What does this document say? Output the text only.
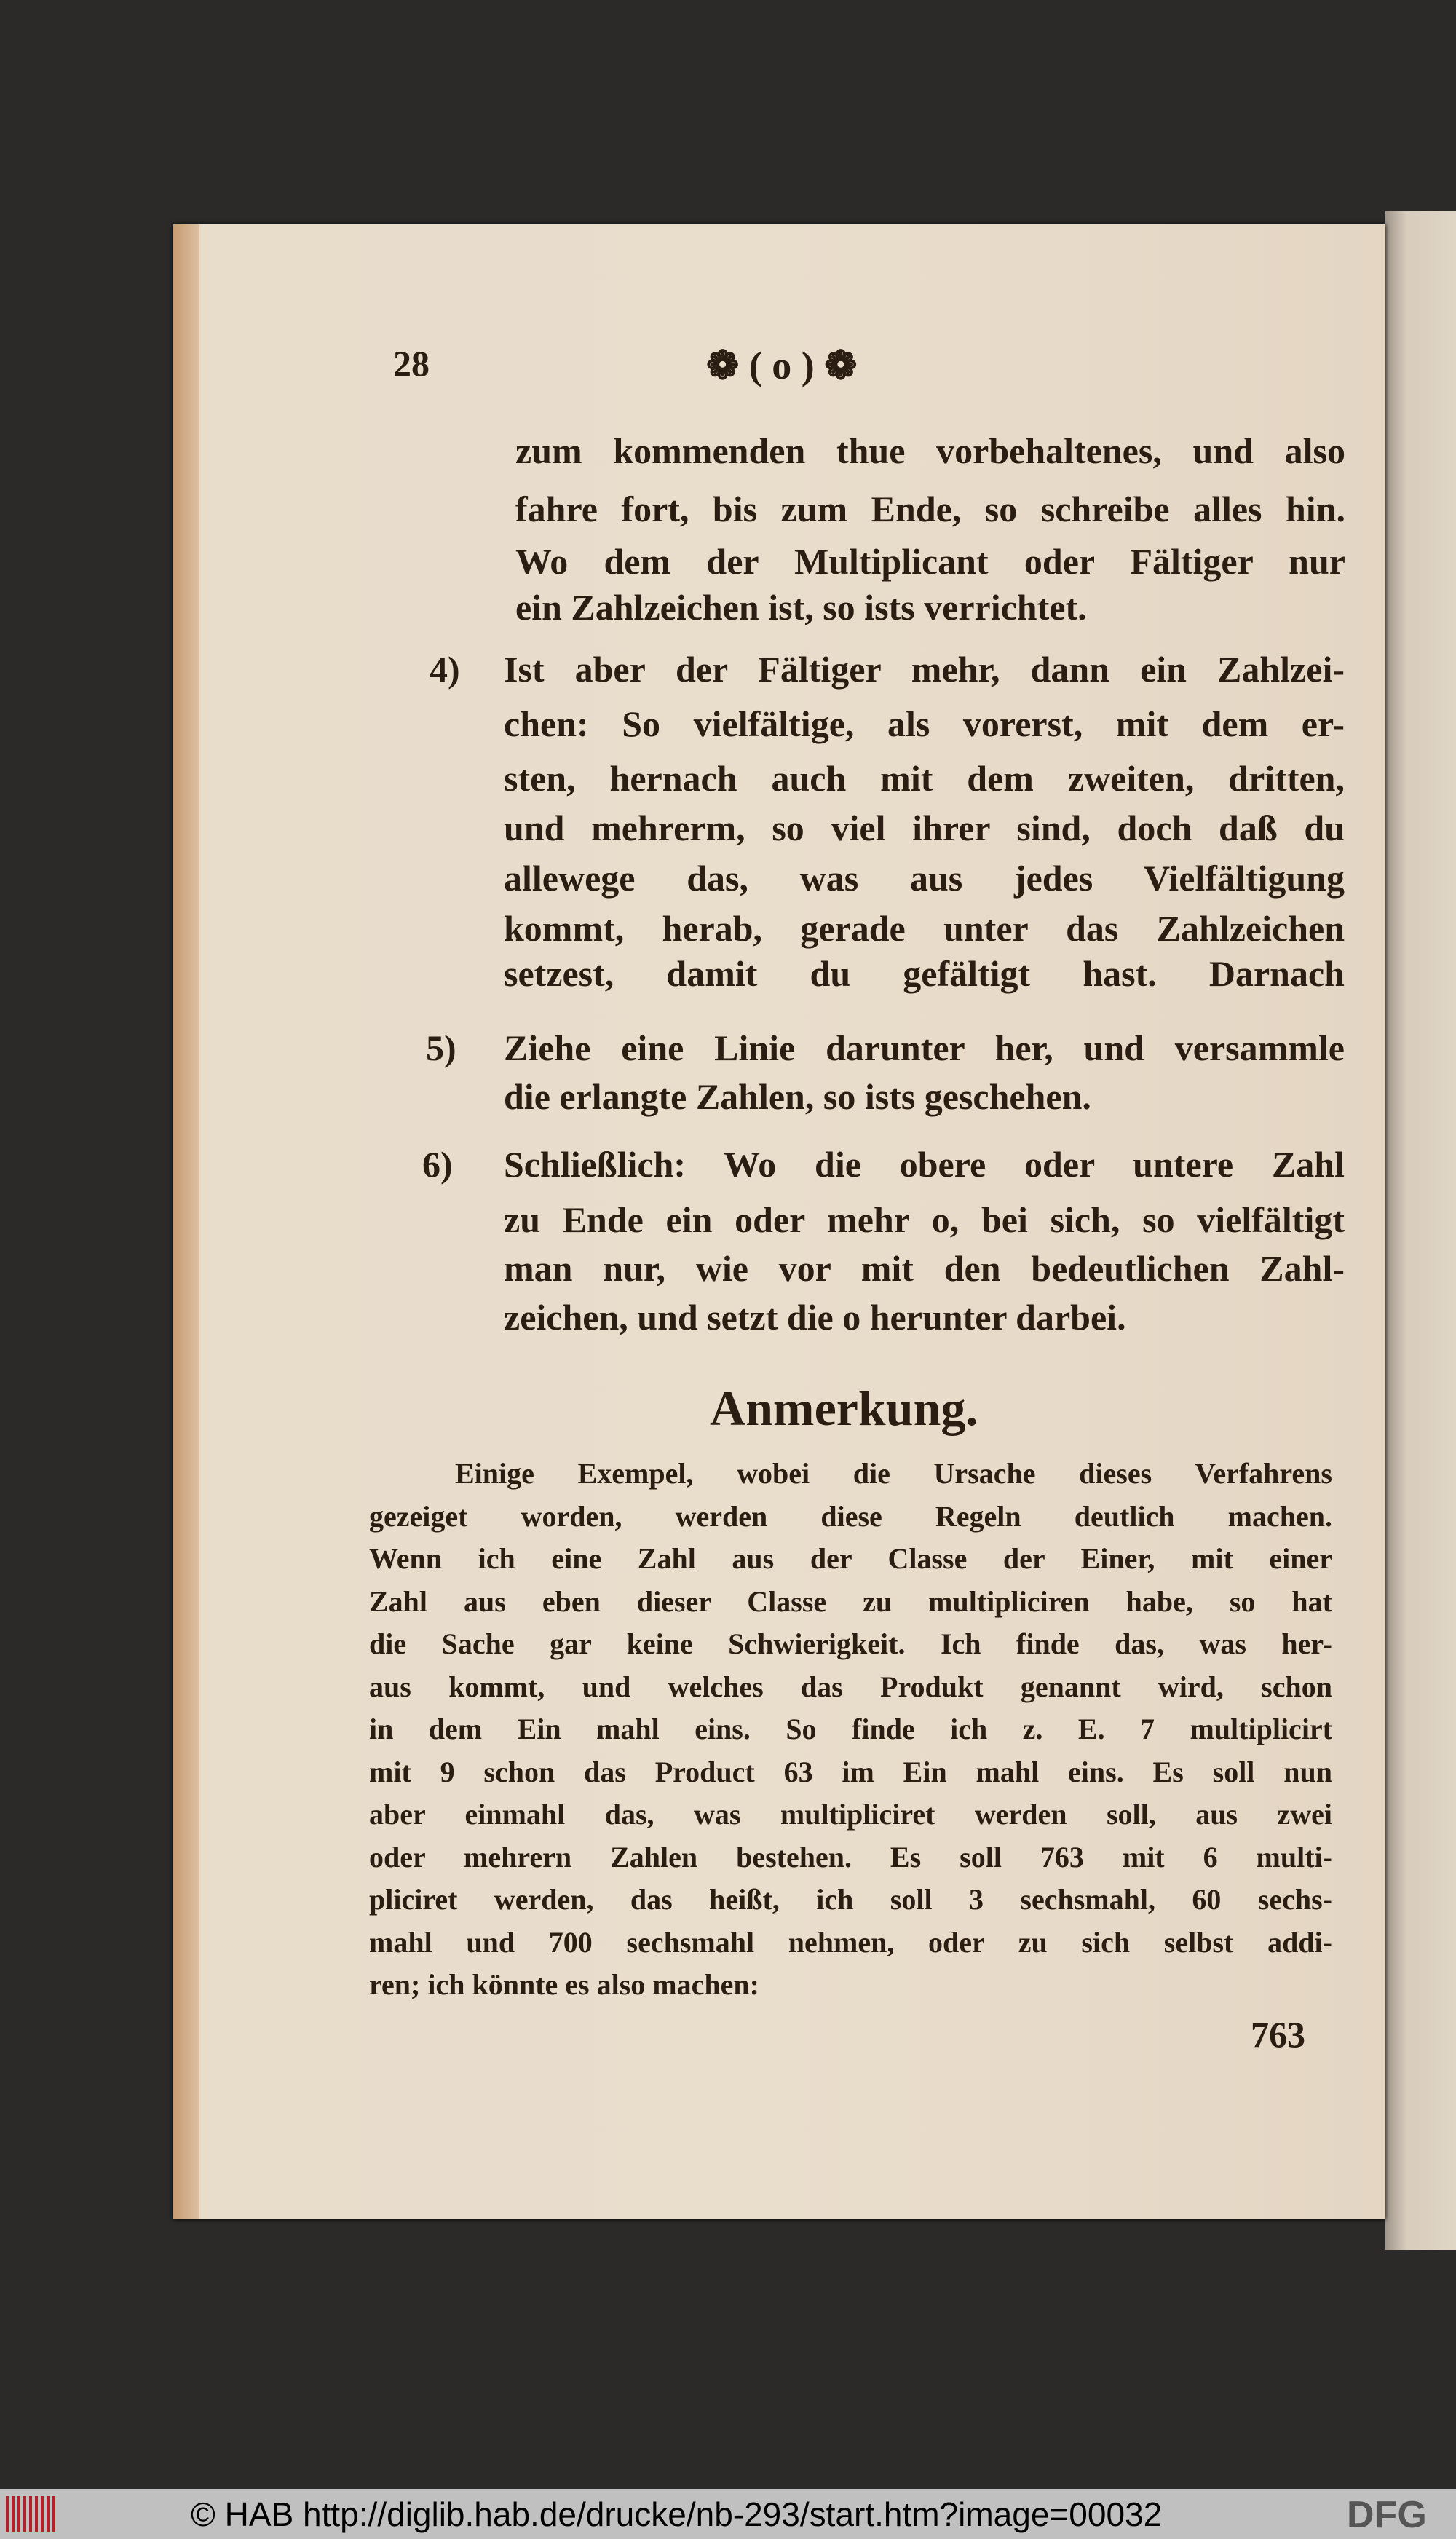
28	❁ ( o ) ❁
zum kommenden thue vorbehaltenes, und also
fahre fort, bis zum Ende, so schreibe alles hin.
Wo dem der Multiplicant oder Fältiger nur
ein Zahlzeichen ist, so ists verrichtet.
4) Ist aber der Fältiger mehr, dann ein Zahlzei-
chen: So vielfältige, als vorerst, mit dem er-
sten, hernach auch mit dem zweiten, dritten,
und mehrerm, so viel ihrer sind, doch daß du
allewege das, was aus jedes Vielfältigung
kommt, herab, gerade unter das Zahlzeichen
setzest, damit du gefältigt hast. Darnach
5) Ziehe eine Linie darunter her, und versammle
die erlangte Zahlen, so ists geschehen.
6) Schließlich: Wo die obere oder untere Zahl
zu Ende ein oder mehr o, bei sich, so vielfältigt
man nur, wie vor mit den bedeutlichen Zahl-
zeichen, und setzt die o herunter darbei.
Einige Exempel, wobei die Ursache dieses Verfahrens
gezeiget worden, werden diese Regeln deutlich machen.
Wenn ich eine Zahl aus der Classe der Einer, mit einer
Zahl aus eben dieser Classe zu multipliciren habe, so hat
die Sache gar keine Schwierigkeit. Ich finde das, was her-
aus kommt, und welches das Produkt genannt wird, schon
in dem Ein mahl eins. So finde ich z. E. 7 multiplicirt
mit 9 schon das Product 63 im Ein mahl eins. Es soll nun
aber einmahl das, was multipliciret werden soll, aus zwei
oder mehrern Zahlen bestehen. Es soll 763 mit 6 multi-
pliciret werden, das heißt, ich soll 3 sechsmahl, 60 sechs-
mahl und 700 sechsmahl nehmen, oder zu sich selbst addi-
ren; ich könnte es also machen:
Anmerkung.
763
© HAB http://diglib.hab.de/drucke/nb-293/start.htm?image=00032	DFG
